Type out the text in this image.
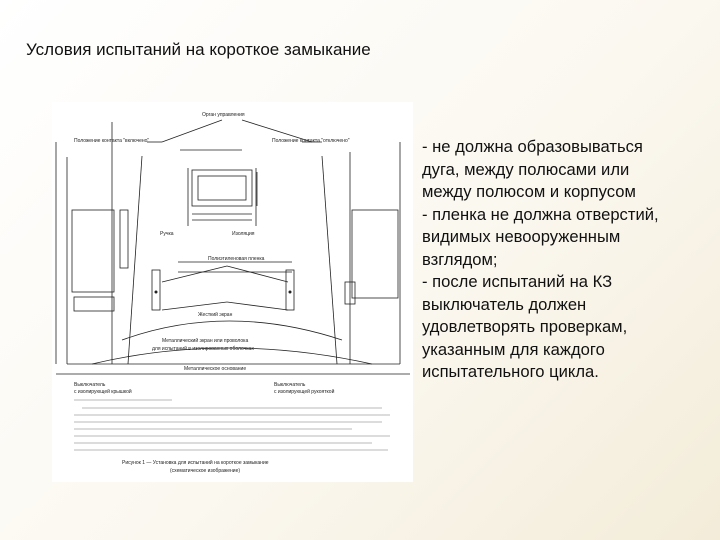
Условия испытаний на короткое замыкание
Орган управления
Положение контакта "включено"	Положение контакта "отключено"
Ручка	Изоляция
Полиэтиленовая пленка
Жесткий экран
Металлический экран или проволока
для испытаний в изолированных оболочках
Металлическое основание
Выключатель
с изолирующей крышкой
Выключатель
с изолирующей рукояткой
Рисунок 1 — Установка для испытаний на короткое замыкание
(схематическое изображение)
- не должна образовываться
дуга, между полюсами или
между полюсом и корпусом
- пленка не должна отверстий,
видимых невооруженным
взглядом;
- после испытаний на КЗ
выключатель должен
удовлетворять проверкам,
указанным для каждого
испытательного цикла.
